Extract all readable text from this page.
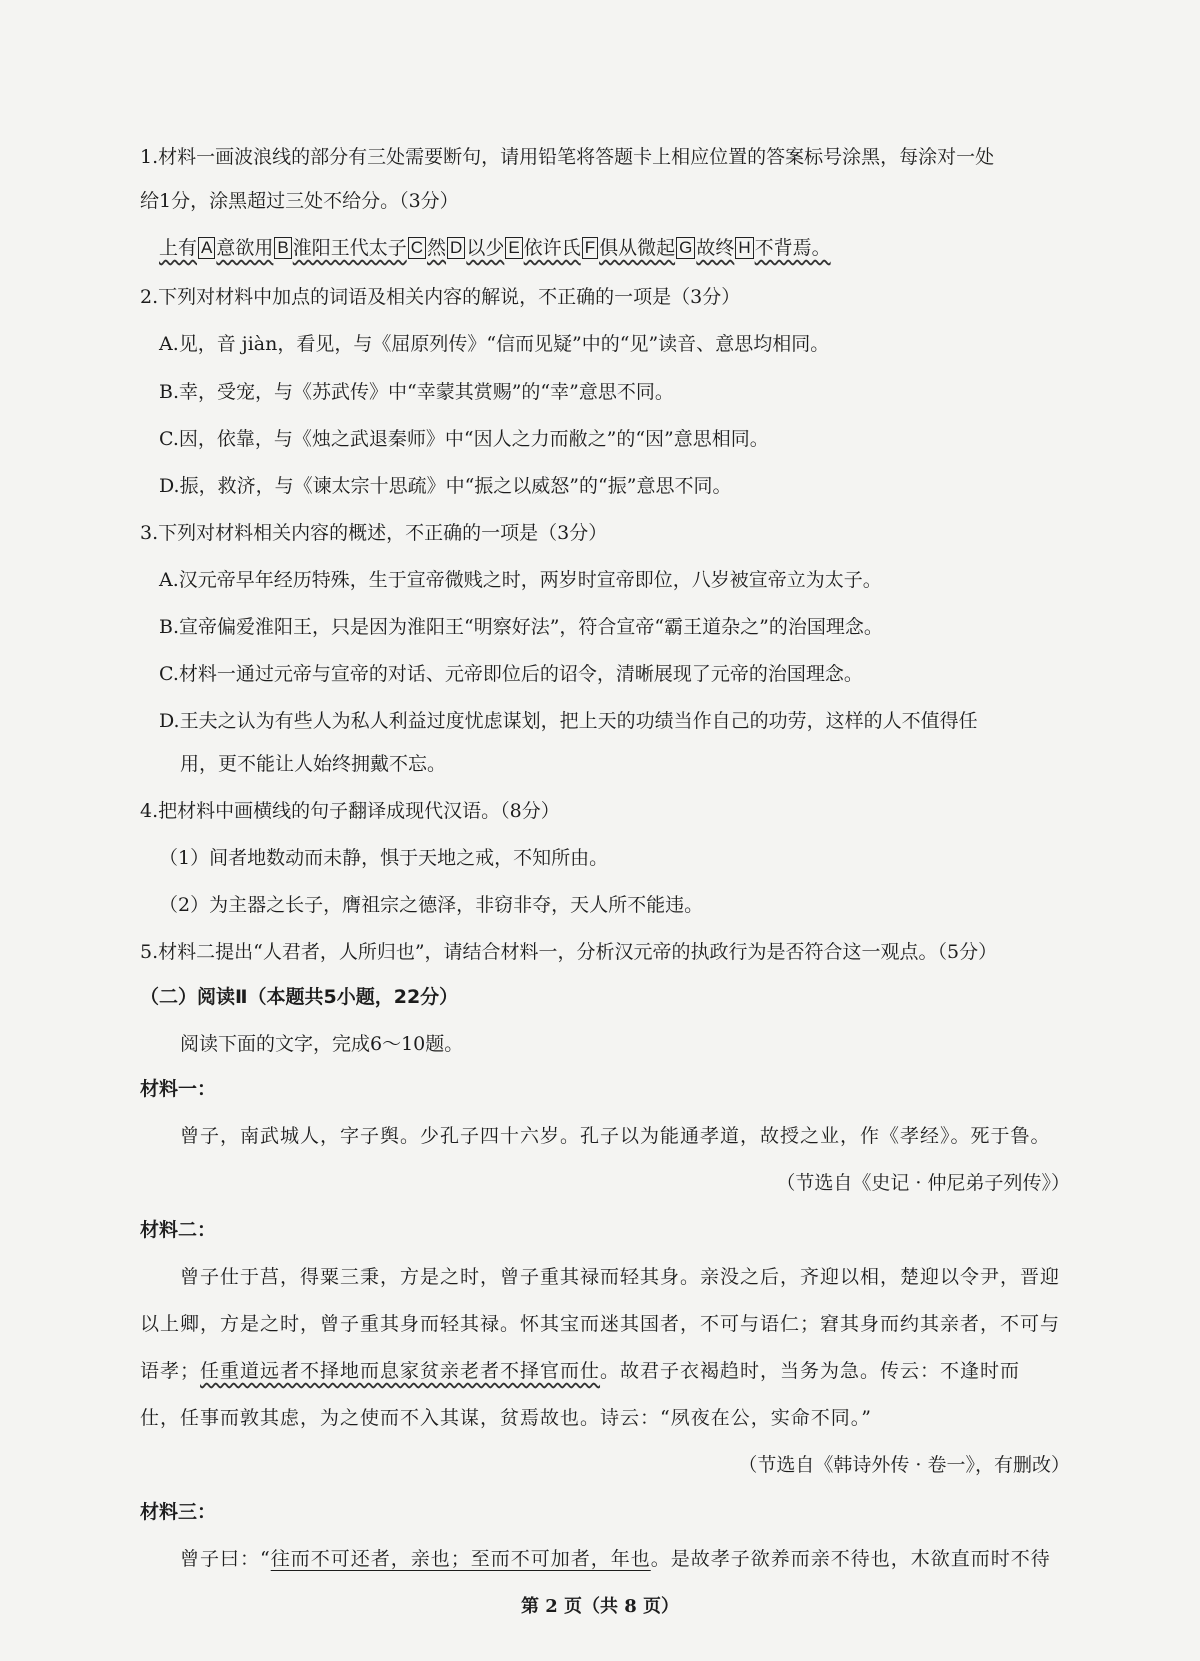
1.材料一画波浪线的部分有三处需要断句，请用铅笔将答题卡上相应位置的答案标号涂黑，每涂对一处
给1分，涂黑超过三处不给分。（3分）
上有 A 意欲用 B 淮阳王代太子 C 然 D 以少 E 依许氏 F 俱从微起 G 故终 H 不背焉。
2.下列对材料中加点的词语及相关内容的解说，不正确的一项是（3分）
A.见，音 jiàn，看见，与《屈原列传》“信而见疑”中的“见”读音、意思均相同。
B.幸，受宠，与《苏武传》中“幸蒙其赏赐”的“幸”意思不同。
C.因，依靠，与《烛之武退秦师》中“因人之力而敝之”的“因”意思相同。
D.振，救济，与《谏太宗十思疏》中“振之以威怒”的“振”意思不同。
3.下列对材料相关内容的概述，不正确的一项是（3分）
A.汉元帝早年经历特殊，生于宣帝微贱之时，两岁时宣帝即位，八岁被宣帝立为太子。
B.宣帝偏爱淮阳王，只是因为淮阳王“明察好法”，符合宣帝“霸王道杂之”的治国理念。
C.材料一通过元帝与宣帝的对话、元帝即位后的诏令，清晰展现了元帝的治国理念。
D.王夫之认为有些人为私人利益过度忧虑谋划，把上天的功绩当作自己的功劳，这样的人不值得任
用，更不能让人始终拥戴不忘。
4.把材料中画横线的句子翻译成现代汉语。（8分）
（1）间者地数动而未静，惧于天地之戒，不知所由。
（2）为主器之长子，膺祖宗之德泽，非窃非夺，天人所不能违。
5.材料二提出“人君者，人所归也”，请结合材料一，分析汉元帝的执政行为是否符合这一观点。（5分）
（二）阅读Ⅱ（本题共5小题，22分）
阅读下面的文字，完成6～10题。
材料一：
曾子，南武城人，字子舆。少孔子四十六岁。孔子以为能通孝道，故授之业，作《孝经》。死于鲁。
（节选自《史记 · 仲尼弟子列传》）
材料二：
曾子仕于莒，得粟三秉，方是之时，曾子重其禄而轻其身。亲没之后，齐迎以相，楚迎以令尹，晋迎
以上卿，方是之时，曾子重其身而轻其禄。怀其宝而迷其国者，不可与语仁；窘其身而约其亲者，不可与
语孝；任重道远者不择地而息家贫亲老者不择官而仕。故君子衣褐趋时，当务为急。传云：不逢时而
仕，任事而敦其虑，为之使而不入其谋，贫焉故也。诗云：“夙夜在公，实命不同。”
（节选自《韩诗外传 · 卷一》，有删改）
材料三：
曾子曰：“往而不可还者，亲也；至而不可加者，年也。是故孝子欲养而亲不待也，木欲直而时不待
第 2 页（共 8 页）
